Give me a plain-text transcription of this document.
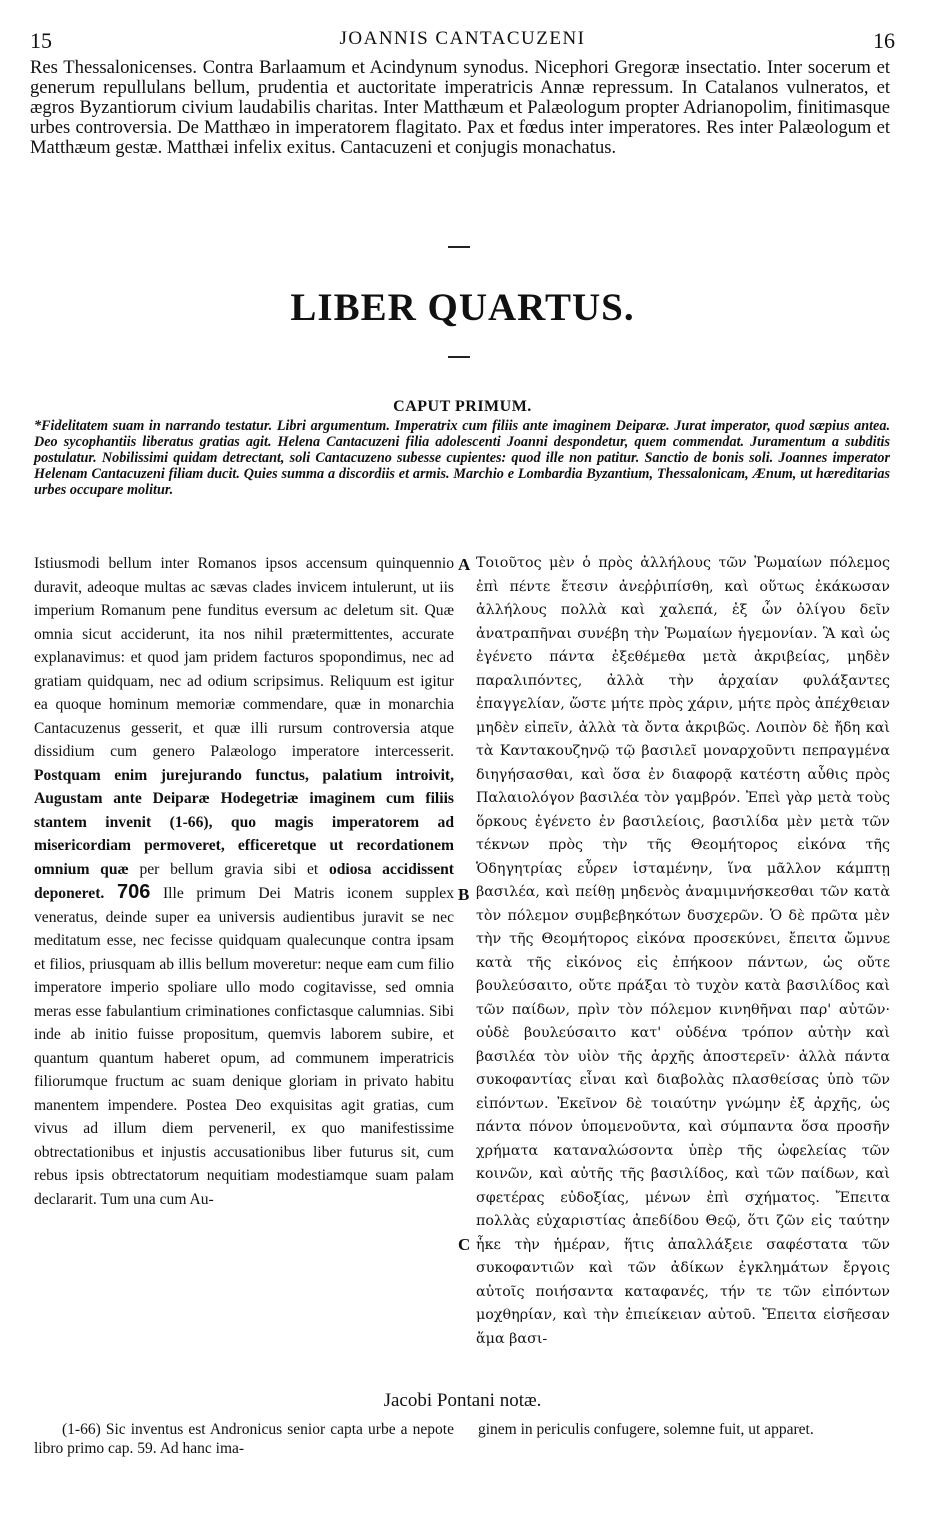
15	JOANNIS CANTACUZENI	16
Res Thessalonicenses. Contra Barlaamum et Acindynum synodus. Nicephori Gregoræ insectatio. Inter socerum et generum repullulans bellum, prudentia et auctoritate imperatricis Annæ repressum. In Catalanos vulneratos, et ægros Byzantiorum civium laudabilis charitas. Inter Matthæum et Palæologum propter Adrianopolim, finitimasque urbes controversia. De Matthæo in imperatorem flagitato. Pax et fœdus inter imperatores. Res inter Palæologum et Matthæum gestæ. Matthæi infelix exitus. Cantacuzeni et conjugis monachatus.
LIBER QUARTUS.
CAPUT PRIMUM.
*Fidelitatem suam in narrando testatur. Libri argumentum. Imperatrix cum filiis ante imaginem Deiparæ. Jurat imperator, quod sæpius antea. Deo sycophantiis liberatus gratias agit. Helena Cantacuzeni filia adolescenti Joanni despondetur, quem commendat. Juramentum a subditis postulatur. Nobilissimi quidam detrectant, soli Cantacuzeno subesse cupientes: quod ille non patitur. Sanctio de bonis soli. Joannes imperator Helenam Cantacuzeni filiam ducit. Quies summa a discordiis et armis. Marchio e Lombardia Byzantium, Thessalonicam, Ænum, ut hæreditarias urbes occupare molitur.
Istiusmodi bellum inter Romanos ipsos accensum quinquennio duravit, adeoque multas ac sævas clades invicem intulerunt, ut iis imperium Romanum pene funditus eversum ac deletum sit. Quæ omnia sicut acciderunt, ita nos nihil prætermittentes, accurate explanavimus: et quod jam pridem facturos spopondimus, nec ad gratiam quidquam, nec ad odium scripsimus. Reliquum est igitur ea quoque hominum memoriæ commendare, quæ in monarchia Cantacuzenus gesserit, et quæ illi rursum controversia atque dissidium cum genero Palæologo imperatore intercesserit. Postquam enim jurejurando functus, palatium introivit, Augustam ante Deiparæ Hodegetriæ imaginem cum filiis stantem invenit (1-66), quo magis imperatorem ad misericordiam permoveret, efficeretque ut recordationem omnium quæ per bellum gravia sibi et odiosa accidissent deponeret. 706 Ille primum Dei Matris iconem supplex veneratus, deinde super ea universis audientibus juravit se nec meditatum esse, nec fecisse quidquam qualecunque contra ipsam et filios, priusquam ab illis bellum moveretur: neque eam cum filio imperatore imperio spoliare ullo modo cogitavisse, sed omnia meras esse fabulantium criminationes confictasque calumnias. Sibi inde ab initio fuisse propositum, quemvis laborem subire, et quantum quantum haberet opum, ad communem imperatricis filiorumque fructum ac suam denique gloriam in privato habitu manentem impendere. Postea Deo exquisitas agit gratias, cum vivus ad illum diem perveneril, ex quo manifestissime obtrectationibus et injustis accusationibus liber futurus sit, cum rebus ipsis obtrectatorum nequitiam modestiamque suam palam declararit. Tum una cum Au-
A
B
C
Τοιοῦτος μὲν ὁ πρὸς ἀλλήλους τῶν Ῥωμαίων πόλεμος ἐπὶ πέντε ἔτεσιν ἀνεῤῥιπίσθη, καὶ οὕτως ἐκάκωσαν ἀλλήλους πολλὰ καὶ χαλεπά, ἐξ ὧν ὀλίγου δεῖν ἀνατραπῆναι συνέβη τὴν Ῥωμαίων ἡγεμονίαν. Ἃ καὶ ὡς ἐγένετο πάντα ἐξεθέμεθα μετὰ ἀκριβείας, μηδὲν παραλιπόντες, ἀλλὰ τὴν ἀρχαίαν φυλάξαντες ἐπαγγελίαν, ὥστε μήτε πρὸς χάριν, μήτε πρὸς ἀπέχθειαν μηδὲν εἰπεῖν, ἀλλὰ τὰ ὄντα ἀκριβῶς. Λοιπὸν δὲ ἤδη καὶ τὰ Καντακουζηνῷ τῷ βασιλεῖ μοναρχοῦντι πεπραγμένα διηγήσασθαι, καὶ ὅσα ἐν διαφορᾷ κατέστη αὖθις πρὸς Παλαιολόγον βασιλέα τὸν γαμβρόν. Ἐπεὶ γὰρ μετὰ τοὺς ὅρκους ἐγένετο ἐν βασιλείοις, βασιλίδα μὲν μετὰ τῶν τέκνων πρὸς τὴν τῆς Θεομήτορος εἰκόνα τῆς Ὁδηγητρίας εὗρεν ἱσταμένην, ἵνα μᾶλλον κάμπτῃ βασιλέα, καὶ πείθῃ μηδενὸς ἀναμιμνήσκεσθαι τῶν κατὰ τὸν πόλεμον συμβεβηκότων δυσχερῶν. Ὁ δὲ πρῶτα μὲν τὴν τῆς Θεομήτορος εἰκόνα προσεκύνει, ἔπειτα ὤμνυε κατὰ τῆς εἰκόνος εἰς ἐπήκοον πάντων, ὡς οὔτε βουλεύσαιτο, οὔτε πράξαι τὸ τυχὸν κατὰ βασιλίδος καὶ τῶν παίδων, πρὶν τὸν πόλεμον κινηθῆναι παρ' αὐτῶν· οὐδὲ βουλεύσαιτο κατ' οὐδένα τρόπον αὐτὴν καὶ βασιλέα τὸν υἱὸν τῆς ἀρχῆς ἀποστερεῖν· ἀλλὰ πάντα συκοφαντίας εἶναι καὶ διαβολὰς πλασθείσας ὑπὸ τῶν εἰπόντων. Ἐκεῖνον δὲ τοιαύτην γνώμην ἐξ ἀρχῆς, ὡς πάντα πόνον ὑπομενοῦντα, καὶ σύμπαντα ὅσα προσῆν χρήματα καταναλώσοντα ὑπὲρ τῆς ὠφελείας τῶν κοινῶν, καὶ αὐτῆς τῆς βασιλίδος, καὶ τῶν παίδων, καὶ σφετέρας εὐδοξίας, μένων ἐπὶ σχήματος. Ἔπειτα πολλὰς εὐχαριστίας ἀπεδίδου Θεῷ, ὅτι ζῶν εἰς ταύτην ἧκε τὴν ἡμέραν, ἥτις ἀπαλλάξειε σαφέστατα τῶν συκοφαντιῶν καὶ τῶν ἀδίκων ἐγκλημάτων ἔργοις αὐτοῖς ποιήσαντα καταφανές, τήν τε τῶν εἰπόντων μοχθηρίαν, καὶ τὴν ἐπιείκειαν αὐτοῦ. Ἔπειτα εἰσῆεσαν ἅμα βασι-
Jacobi Pontani notæ.
(1-66) Sic inventus est Andronicus senior capta urbe a nepote libro primo cap. 59. Ad hanc ima-
ginem in periculis confugere, solemne fuit, ut apparet.
